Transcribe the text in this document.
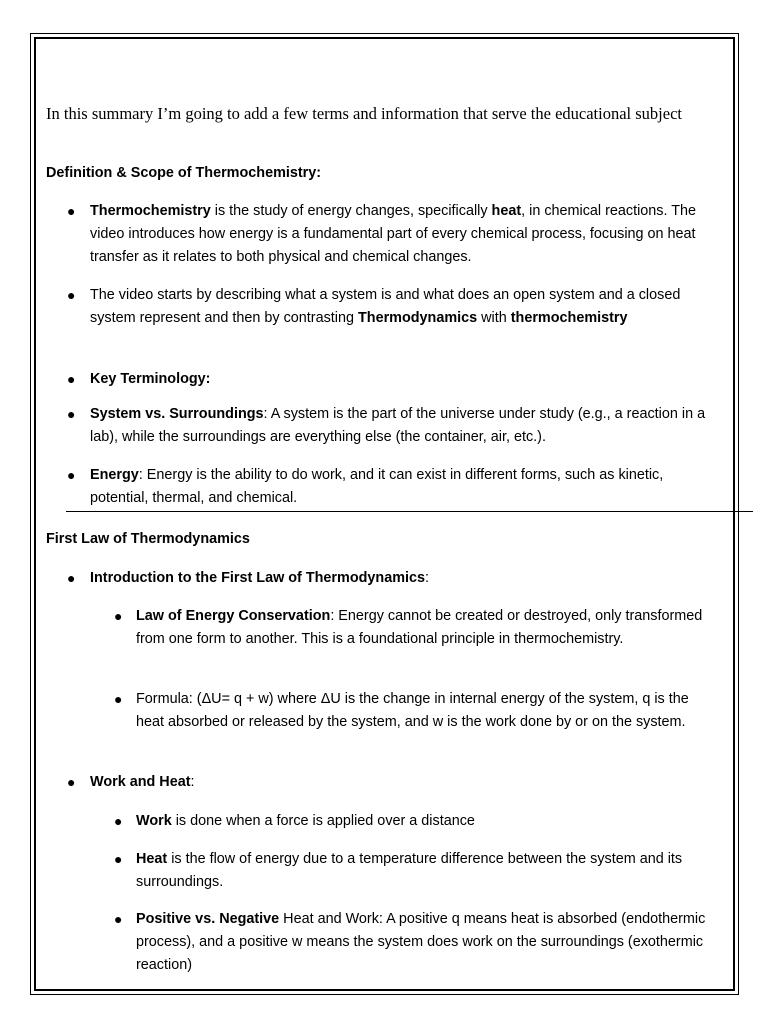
In this summary I’m going to add a few terms and information that serve the educational subject
Definition & Scope of Thermochemistry:
● Thermochemistry is the study of energy changes, specifically heat, in chemical reactions. The video introduces how energy is a fundamental part of every chemical process, focusing on heat transfer as it relates to both physical and chemical changes.
● The video starts by describing what a system is and what does an open system and a closed system represent and then by contrasting Thermodynamics with thermochemistry
● Key Terminology:
● System vs. Surroundings: A system is the part of the universe under study (e.g., a reaction in a lab), while the surroundings are everything else (the container, air, etc.).
● Energy: Energy is the ability to do work, and it can exist in different forms, such as kinetic, potential, thermal, and chemical.
First Law of Thermodynamics
● Introduction to the First Law of Thermodynamics:
● Law of Energy Conservation: Energy cannot be created or destroyed, only transformed from one form to another. This is a foundational principle in thermochemistry.
● Formula: (ΔU= q + w) where ΔU is the change in internal energy of the system, q is the heat absorbed or released by the system, and w is the work done by or on the system.
● Work and Heat:
● Work is done when a force is applied over a distance
● Heat is the flow of energy due to a temperature difference between the system and its surroundings.
● Positive vs. Negative Heat and Work: A positive q means heat is absorbed (endothermic process), and a positive w means the system does work on the surroundings (exothermic reaction)
